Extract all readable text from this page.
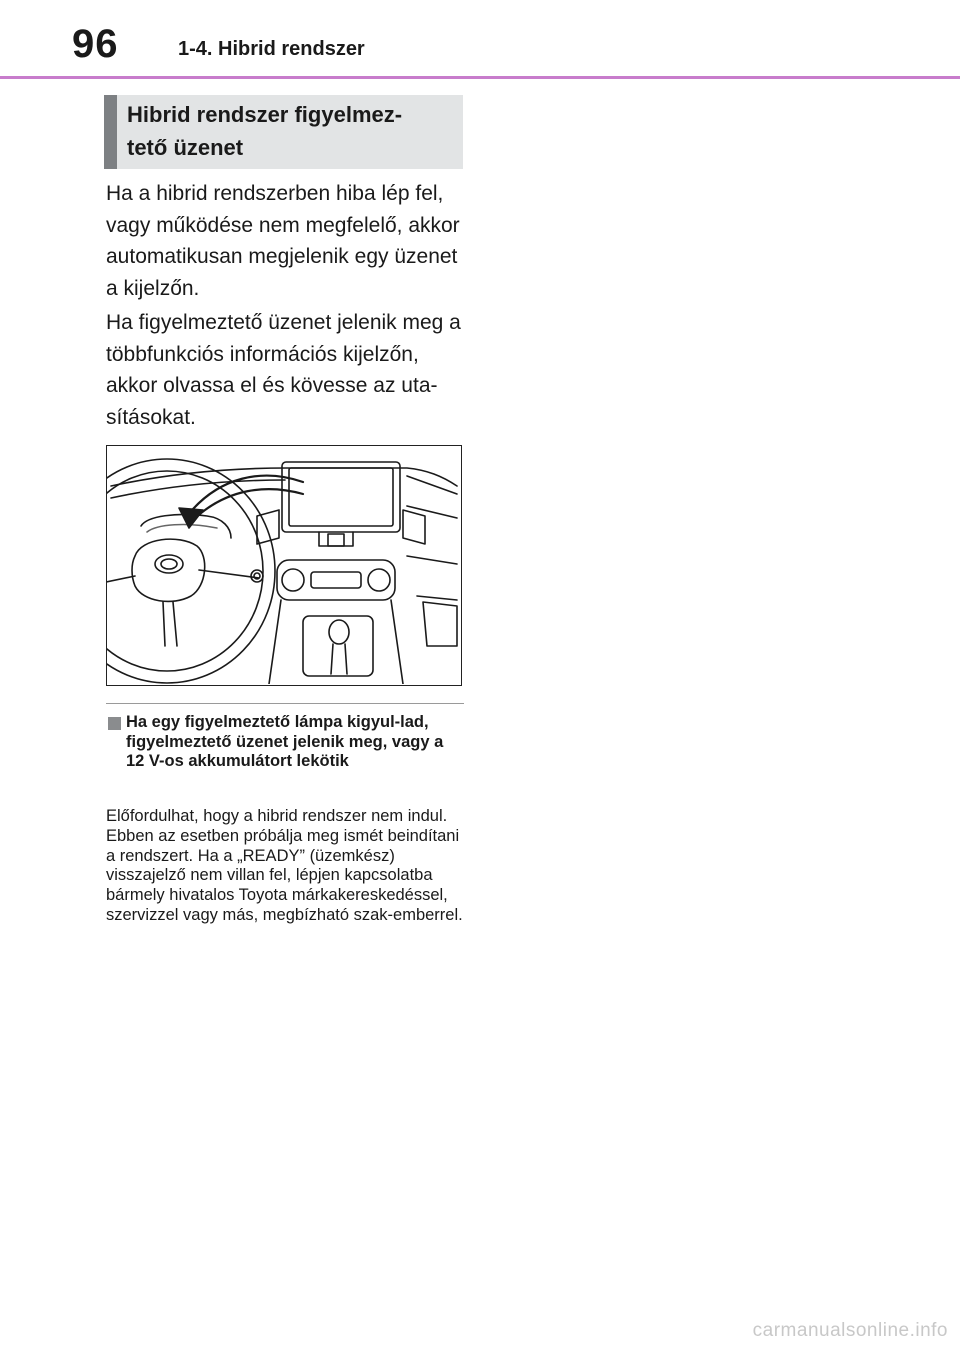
96	1-4. Hibrid rendszer
Hibrid rendszer figyelmez-
tető üzenet
Ha a hibrid rendszerben hiba lép fel, vagy működése nem megfelelő, akkor automatikusan megjelenik egy üzenet a kijelzőn.
Ha figyelmeztető üzenet jelenik meg a többfunkciós információs kijelzőn, akkor olvassa el és kövesse az uta-sításokat.
Ha egy figyelmeztető lámpa kigyul-lad, figyelmeztető üzenet jelenik meg, vagy a 12 V-os akkumulátort lekötik
Előfordulhat, hogy a hibrid rendszer nem indul. Ebben az esetben próbálja meg ismét beindítani a rendszert. Ha a „READY” (üzemkész) visszajelző nem villan fel, lépjen kapcsolatba bármely hivatalos Toyota márkakereskedéssel, szervizzel vagy más, megbízható szak-emberrel.
carmanualsonline.info
